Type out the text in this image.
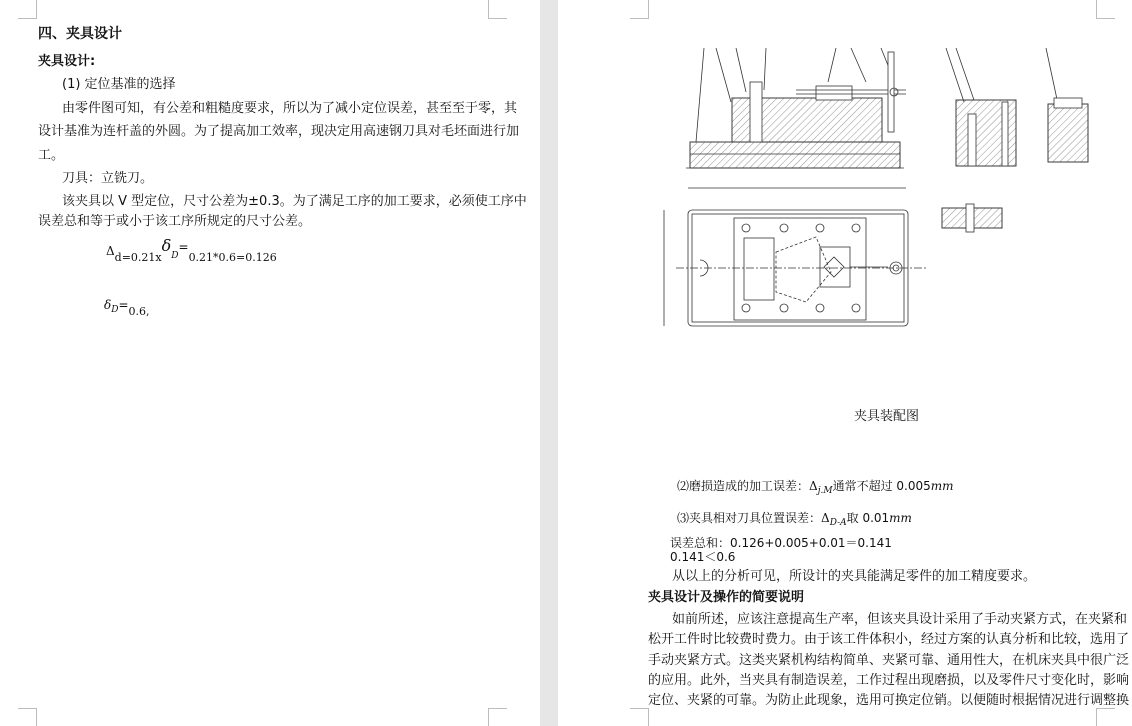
四、夹具设计
夹具设计:
(1) 定位基准的选择
由零件图可知，有公差和粗糙度要求，所以为了减小定位误差，甚至至于零，其
设计基准为连杆盖的外圆。为了提高加工效率，现决定用高速钢刀具对毛坯面进行加
工。
刀具：立铣刀。
该夹具以 V 型定位，尺寸公差为±0.3。为了满足工序的加工要求，必须使工序中
误差总和等于或小于该工序所规定的尺寸公差。
$\Delta d=0.21x\delta_D=0.21*0.6=0.126$
$\delta_D=0.6$,
夹具装配图
⑵磨损造成的加工误差：$\Delta_{j.M}$通常不超过 0.005mm
⑶夹具相对刀具位置误差：$\Delta_{D-A}$取 0.01mm
误差总和：0.126+0.005+0.01＝0.141
0.141＜0.6
从以上的分析可见，所设计的夹具能满足零件的加工精度要求。
夹具设计及操作的简要说明
如前所述，应该注意提高生产率，但该夹具设计采用了手动夹紧方式，在夹紧和
松开工件时比较费时费力。由于该工件体积小，经过方案的认真分析和比较，选用了
手动夹紧方式。这类夹紧机构结构简单、夹紧可靠、通用性大，在机床夹具中很广泛
的应用。此外，当夹具有制造误差，工作过程出现磨损，以及零件尺寸变化时，影响
定位、夹紧的可靠。为防止此现象，选用可换定位销。以便随时根据情况进行调整换
